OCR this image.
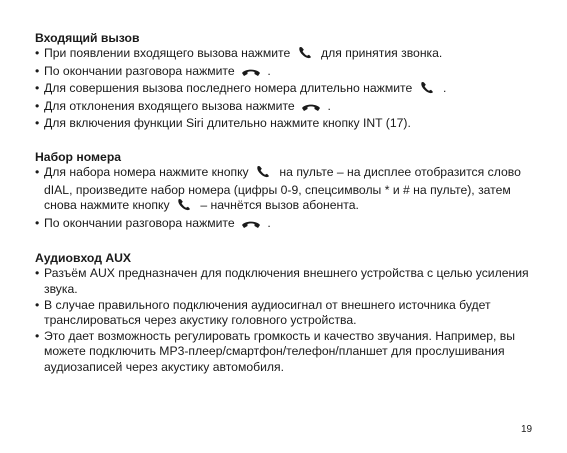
Входящий вызов

• При появлении входящего вызова нажмите	для принятия звонка.

• По окончании разговора нажмите	.

• Для совершения вызова последнего номера длительно нажмите	.

• Для отклонения входящего вызова нажмите	.

• Для включения функции Siri длительно нажмите кнопку INT (17).

Набор номера

• Для набора номера нажмите кнопку	на пульте – на дисплее отобразится слово dIAL, произведите набор номера (цифры 0-9, спецсимволы * и # на пульте), затем снова нажмите кнопку	– начнётся вызов абонента.

• По окончании разговора нажмите	.

Аудиовход AUX

• Разъём AUX предназначен для подключения внешнего устройства с целью усиления звука.

• В случае правильного подключения аудиосигнал от внешнего источника будет транслироваться через акустику головного устройства.

• Это дает возможность регулировать громкость и качество звучания. Например, вы можете подключить MP3-плеер/смартфон/телефон/планшет для прослушивания аудиозаписей через акустику автомобиля.

19
